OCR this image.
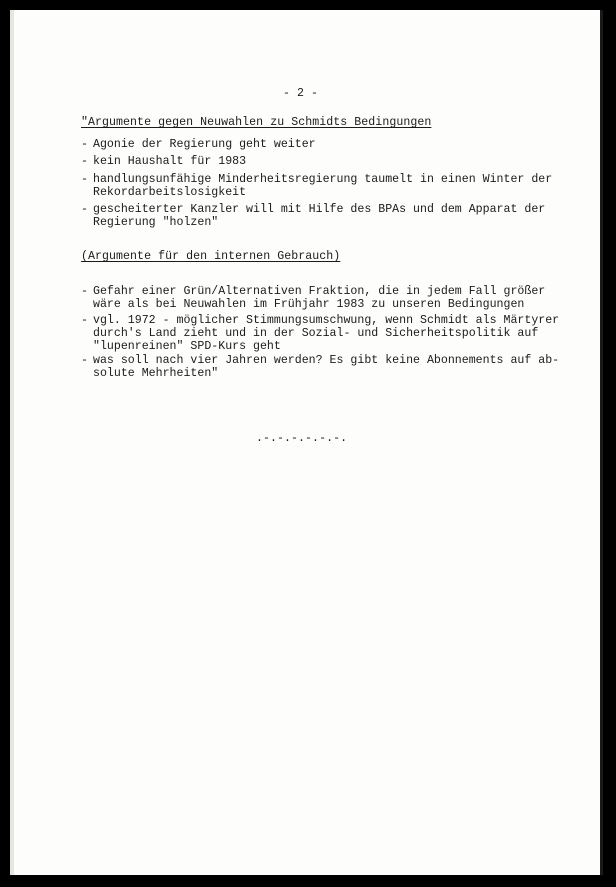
- 2 -
"Argumente gegen Neuwahlen zu Schmidts Bedingungen
- Agonie der Regierung geht weiter
- kein Haushalt für 1983
- handlungsunfähige Minderheitsregierung taumelt in einen Winter der
Rekordarbeitslosigkeit
- gescheiterter Kanzler will mit Hilfe des BPAs und dem Apparat der
Regierung "holzen"
(Argumente für den internen Gebrauch)
- Gefahr einer Grün/Alternativen Fraktion, die in jedem Fall größer
wäre als bei Neuwahlen im Frühjahr 1983 zu unseren Bedingungen
- vgl. 1972 - möglicher Stimmungsumschwung, wenn Schmidt als Märtyrer
durch's Land zieht und in der Sozial- und Sicherheitspolitik auf
"lupenreinen" SPD-Kurs geht
- was soll nach vier Jahren werden? Es gibt keine Abonnements auf ab-
solute Mehrheiten"
.-.-.-.-.-.-.
